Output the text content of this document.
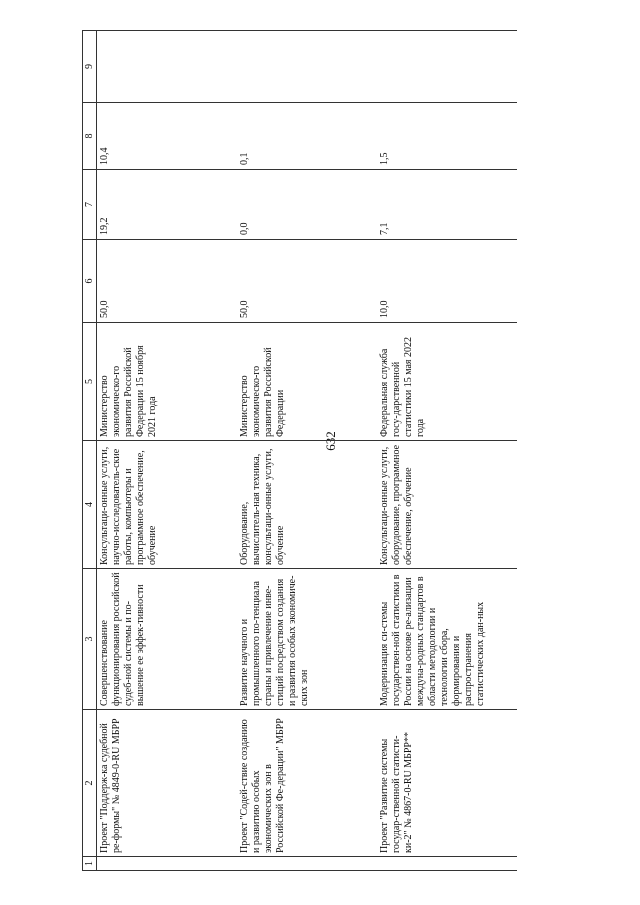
632
1	2	3	4	5	6	7	8	9
	Проект "Поддерж-ка судебной ре-формы" № 4849-0-RU МБРР	Совершенствование функционирования российской судеб-ной системы и по-вышение ее эффек-тивности	Консультаци-онные услуги, научно-исследователь-ские работы, компьютеры и программное обеспечение, обучение	Министерство экономическо-го развития Российской Федерации 15 ноября 2021 года	50,0	19,2	10,4	
	Проект "Содей-ствие созданию и развитию особых экономических зон в Российской Фе-дерации" МБРР	Развитие научного и промышленного по-тенциала страны и привлечение инве-стиций посредством создания и развития особых экономиче-ских зон	Оборудование, вычислитель-ная техника, консультаци-онные услуги, обучение	Министерство экономическо-го развития Российской Федерации	50,0	0,0	0,1	
	Проект "Развитие системы государ-ственной статисти-ки-2" № 4867-0-RU МБРР**	Модернизация си-стемы государствен-ной статистики в России на основе ре-ализации междуна-родных стандартов в области методологии и технологии сбора, формирования и распространения статистических дан-ных	Консультаци-онные услуги, оборудование, программное обеспечение, обучение	Федеральная служба госу-дарственной статистики 15 мая 2022 года	10,0	7,1	1,5	
